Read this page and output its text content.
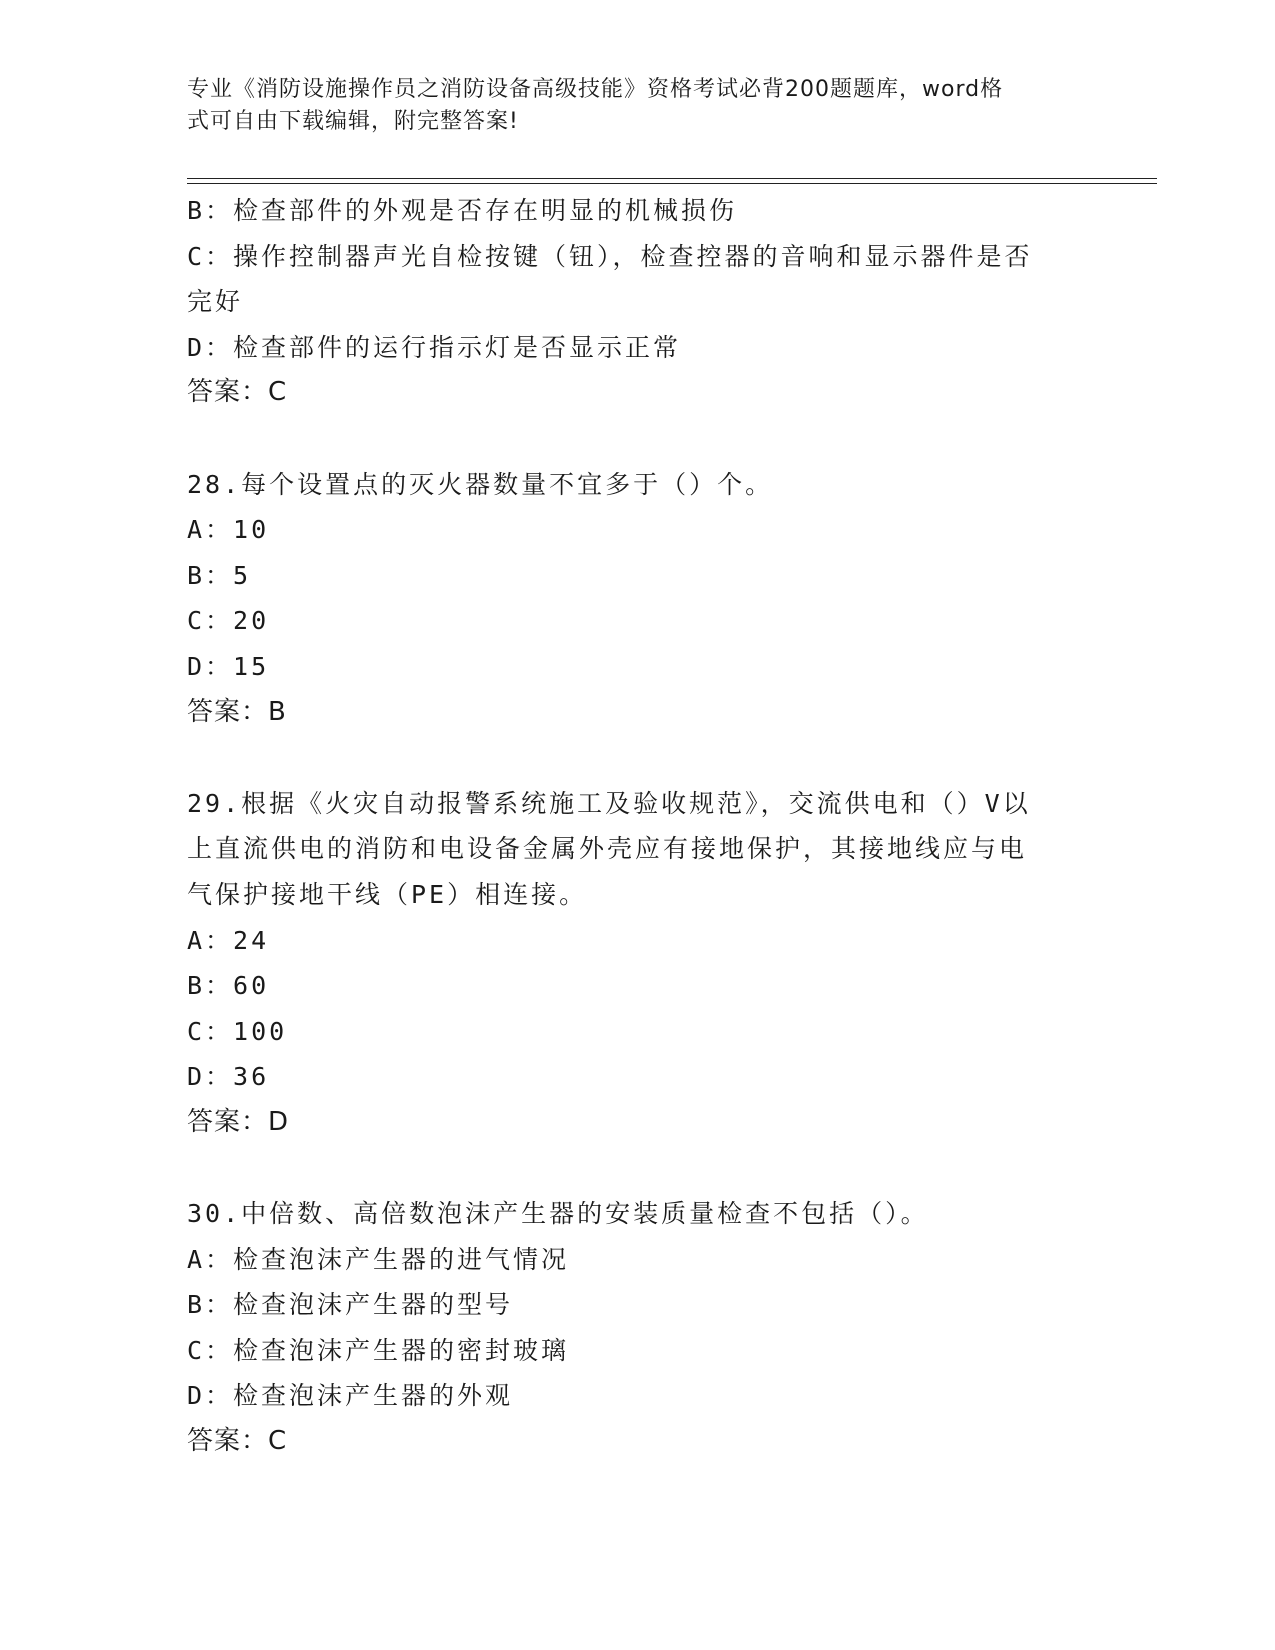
专业《消防设施操作员之消防设备高级技能》资格考试必背200题题库，word格
式可自由下载编辑，附完整答案!
B：检查部件的外观是否存在明显的机械损伤
C：操作控制器声光自检按键（钮），检查控器的音响和显示器件是否
完好
D：检查部件的运行指示灯是否显示正常
答案：C
28.每个设置点的灭火器数量不宜多于（）个。
A：10
B：5
C：20
D：15
答案：B
29.根据《火灾自动报警系统施工及验收规范》，交流供电和（）V以
上直流供电的消防和电设备金属外壳应有接地保护，其接地线应与电
气保护接地干线（PE）相连接。
A：24
B：60
C：100
D：36
答案：D
30.中倍数、高倍数泡沫产生器的安装质量检查不包括（）。
A：检查泡沫产生器的进气情况
B：检查泡沫产生器的型号
C：检查泡沫产生器的密封玻璃
D：检查泡沫产生器的外观
答案：C
